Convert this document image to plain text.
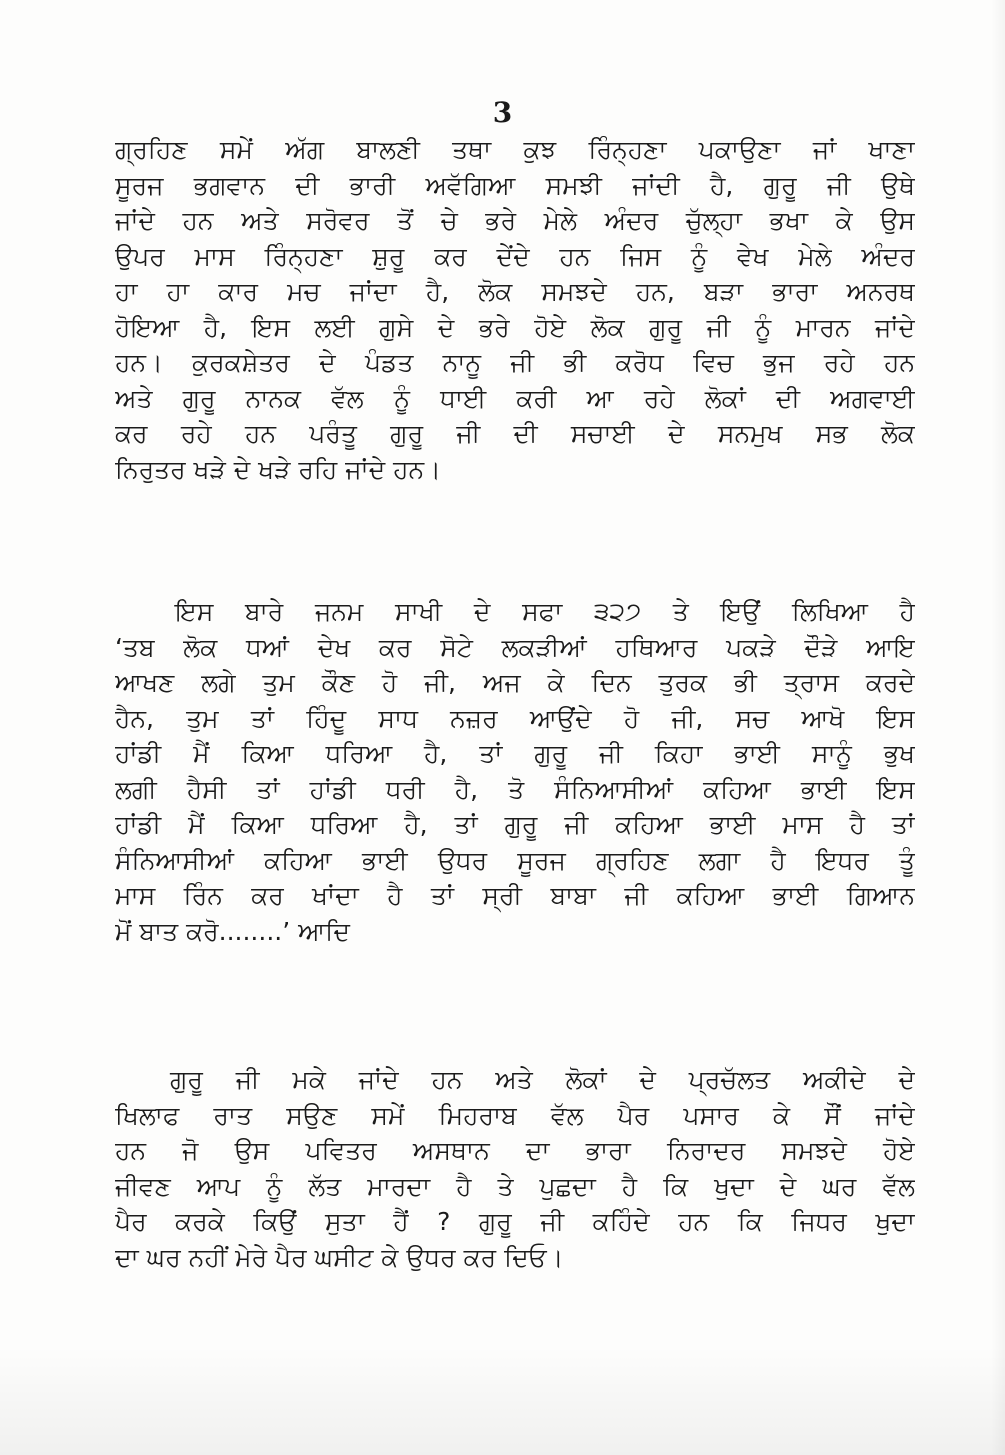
3
ਗ੍ਰਹਿਣ ਸਮੇਂ ਅੱਗ ਬਾਲਣੀ ਤਥਾ ਕੁਝ ਰਿੰਨ੍ਹਣਾ ਪਕਾਉਣਾ ਜਾਂ ਖਾਣਾ
ਸੂਰਜ ਭਗਵਾਨ ਦੀ ਭਾਰੀ ਅਵੱਗਿਆ ਸਮਝੀ ਜਾਂਦੀ ਹੈ, ਗੁਰੂ ਜੀ ਉਥੇ
ਜਾਂਦੇ ਹਨ ਅਤੇ ਸਰੋਵਰ ਤੋਂ ਚੇ ਭਰੇ ਮੇਲੇ ਅੰਦਰ ਚੁੱਲ੍ਹਾ ਭਖਾ ਕੇ ਉਸ
ਉਪਰ ਮਾਸ ਰਿੰਨ੍ਹਣਾ ਸ਼ੁਰੂ ਕਰ ਦੇਂਦੇ ਹਨ ਜਿਸ ਨੂੰ ਵੇਖ ਮੇਲੇ ਅੰਦਰ
ਹਾ ਹਾ ਕਾਰ ਮਚ ਜਾਂਦਾ ਹੈ, ਲੋਕ ਸਮਝਦੇ ਹਨ, ਬੜਾ ਭਾਰਾ ਅਨਰਥ
ਹੋਇਆ ਹੈ, ਇਸ ਲਈ ਗੁਸੇ ਦੇ ਭਰੇ ਹੋਏ ਲੋਕ ਗੁਰੂ ਜੀ ਨੂੰ ਮਾਰਨ ਜਾਂਦੇ
ਹਨ। ਕੁਰਕਸ਼ੇਤਰ ਦੇ ਪੰਡਤ ਨਾਨੂ ਜੀ ਭੀ ਕਰੋਧ ਵਿਚ ਭੁਜ ਰਹੇ ਹਨ
ਅਤੇ ਗੁਰੂ ਨਾਨਕ ਵੱਲ ਨੂੰ ਧਾਈ ਕਰੀ ਆ ਰਹੇ ਲੋਕਾਂ ਦੀ ਅਗਵਾਈ
ਕਰ ਰਹੇ ਹਨ ਪਰੰਤੂ ਗੁਰੂ ਜੀ ਦੀ ਸਚਾਈ ਦੇ ਸਨਮੁਖ ਸਭ ਲੋਕ
ਨਿਰੁਤਰ ਖੜੇ ਦੇ ਖੜੇ ਰਹਿ ਜਾਂਦੇ ਹਨ।
ਇਸ ਬਾਰੇ ਜਨਮ ਸਾਖੀ ਦੇ ਸਫਾ ੩੨੭ ਤੇ ਇਉਂ ਲਿਖਿਆ ਹੈ
‘ਤਬ ਲੋਕ ਧਆਂ ਦੇਖ ਕਰ ਸੋਟੇ ਲਕੜੀਆਂ ਹਥਿਆਰ ਪਕੜੇ ਦੌੜੇ ਆਇ
ਆਖਣ ਲਗੇ ਤੁਮ ਕੌਣ ਹੋ ਜੀ, ਅਜ ਕੇ ਦਿਨ ਤੁਰਕ ਭੀ ਤ੍ਰਾਸ ਕਰਦੇ
ਹੈਨ, ਤੁਮ ਤਾਂ ਹਿੰਦੂ ਸਾਧ ਨਜ਼ਰ ਆਉਂਦੇ ਹੋ ਜੀ, ਸਚ ਆਖੋ ਇਸ
ਹਾਂਡੀ ਮੈਂ ਕਿਆ ਧਰਿਆ ਹੈ, ਤਾਂ ਗੁਰੂ ਜੀ ਕਿਹਾ ਭਾਈ ਸਾਨੂੰ ਭੁਖ
ਲਗੀ ਹੈਸੀ ਤਾਂ ਹਾਂਡੀ ਧਰੀ ਹੈ, ਤੋ ਸੰਨਿਆਸੀਆਂ ਕਹਿਆ ਭਾਈ ਇਸ
ਹਾਂਡੀ ਮੈਂ ਕਿਆ ਧਰਿਆ ਹੈ, ਤਾਂ ਗੁਰੂ ਜੀ ਕਹਿਆ ਭਾਈ ਮਾਸ ਹੈ ਤਾਂ
ਸੰਨਿਆਸੀਆਂ ਕਹਿਆ ਭਾਈ ਉਧਰ ਸੂਰਜ ਗ੍ਰਹਿਣ ਲਗਾ ਹੈ ਇਧਰ ਤੂੰ
ਮਾਸ ਰਿੰਨ ਕਰ ਖਾਂਦਾ ਹੈ ਤਾਂ ਸ੍ਰੀ ਬਾਬਾ ਜੀ ਕਹਿਆ ਭਾਈ ਗਿਆਨ
ਮੋਂ ਬਾਤ ਕਰੋ........’ ਆਦਿ
ਗੁਰੂ ਜੀ ਮਕੇ ਜਾਂਦੇ ਹਨ ਅਤੇ ਲੋਕਾਂ ਦੇ ਪ੍ਰਚੱਲਤ ਅਕੀਦੇ ਦੇ
ਖਿਲਾਫ ਰਾਤ ਸਉਣ ਸਮੇਂ ਮਿਹਰਾਬ ਵੱਲ ਪੈਰ ਪਸਾਰ ਕੇ ਸੌਂ ਜਾਂਦੇ
ਹਨ ਜੋ ਉਸ ਪਵਿਤਰ ਅਸਥਾਨ ਦਾ ਭਾਰਾ ਨਿਰਾਦਰ ਸਮਝਦੇ ਹੋਏ
ਜੀਵਣ ਆਪ ਨੂੰ ਲੱਤ ਮਾਰਦਾ ਹੈ ਤੇ ਪੁਛਦਾ ਹੈ ਕਿ ਖੁਦਾ ਦੇ ਘਰ ਵੱਲ
ਪੈਰ ਕਰਕੇ ਕਿਉਂ ਸੁਤਾ ਹੈਂ ? ਗੁਰੂ ਜੀ ਕਹਿੰਦੇ ਹਨ ਕਿ ਜਿਧਰ ਖੁਦਾ
ਦਾ ਘਰ ਨਹੀਂ ਮੇਰੇ ਪੈਰ ਘਸੀਟ ਕੇ ਉਧਰ ਕਰ ਦਿਓ।
